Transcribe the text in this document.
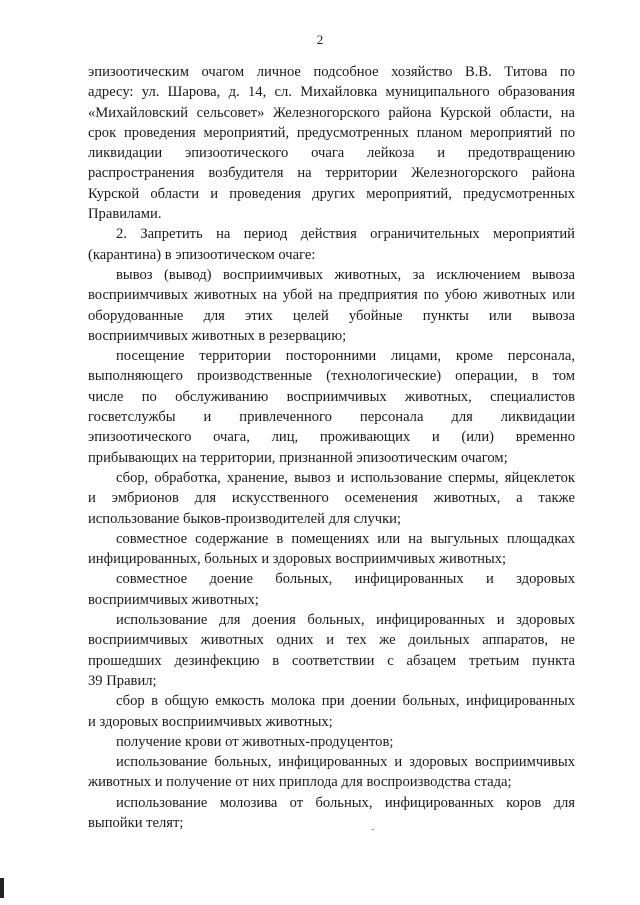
2

эпизоотическим очагом личное подсобное хозяйство В.В. Титова по
адресу: ул. Шарова, д. 14, сл. Михайловка муниципального образования
«Михайловский сельсовет» Железногорского района Курской области, на
срок проведения мероприятий, предусмотренных планом мероприятий по
ликвидации эпизоотического очага лейкоза и предотвращению
распространения возбудителя на территории Железногорского района
Курской области и проведения других мероприятий, предусмотренных
Правилами.

2. Запретить на период действия ограничительных мероприятий
(карантина) в эпизоотическом очаге:

вывоз (вывод) восприимчивых животных, за исключением вывоза
восприимчивых животных на убой на предприятия по убою животных или
оборудованные для этих целей убойные пункты или вывоза
восприимчивых животных в резервацию;

посещение территории посторонними лицами, кроме персонала,
выполняющего производственные (технологические) операции, в том
числе по обслуживанию восприимчивых животных, специалистов
госветслужбы и привлеченного персонала для ликвидации
эпизоотического очага, лиц, проживающих и (или) временно
прибывающих на территории, признанной эпизоотическим очагом;

сбор, обработка, хранение, вывоз и использование спермы, яйцеклеток
и эмбрионов для искусственного осеменения животных, а также
использование быков-производителей для случки;

совместное содержание в помещениях или на выгульных площадках
инфицированных, больных и здоровых восприимчивых животных;

совместное доение больных, инфицированных и здоровых
восприимчивых животных;

использование для доения больных, инфицированных и здоровых
восприимчивых животных одних и тех же доильных аппаратов, не
прошедших дезинфекцию в соответствии с абзацем третьим пункта
39 Правил;

сбор в общую емкость молока при доении больных, инфицированных
и здоровых восприимчивых животных;

получение крови от животных-продуцентов;

использование больных, инфицированных и здоровых восприимчивых
животных и получение от них приплода для воспроизводства стада;

использование молозива от больных, инфицированных коров для
выпойки телят;
